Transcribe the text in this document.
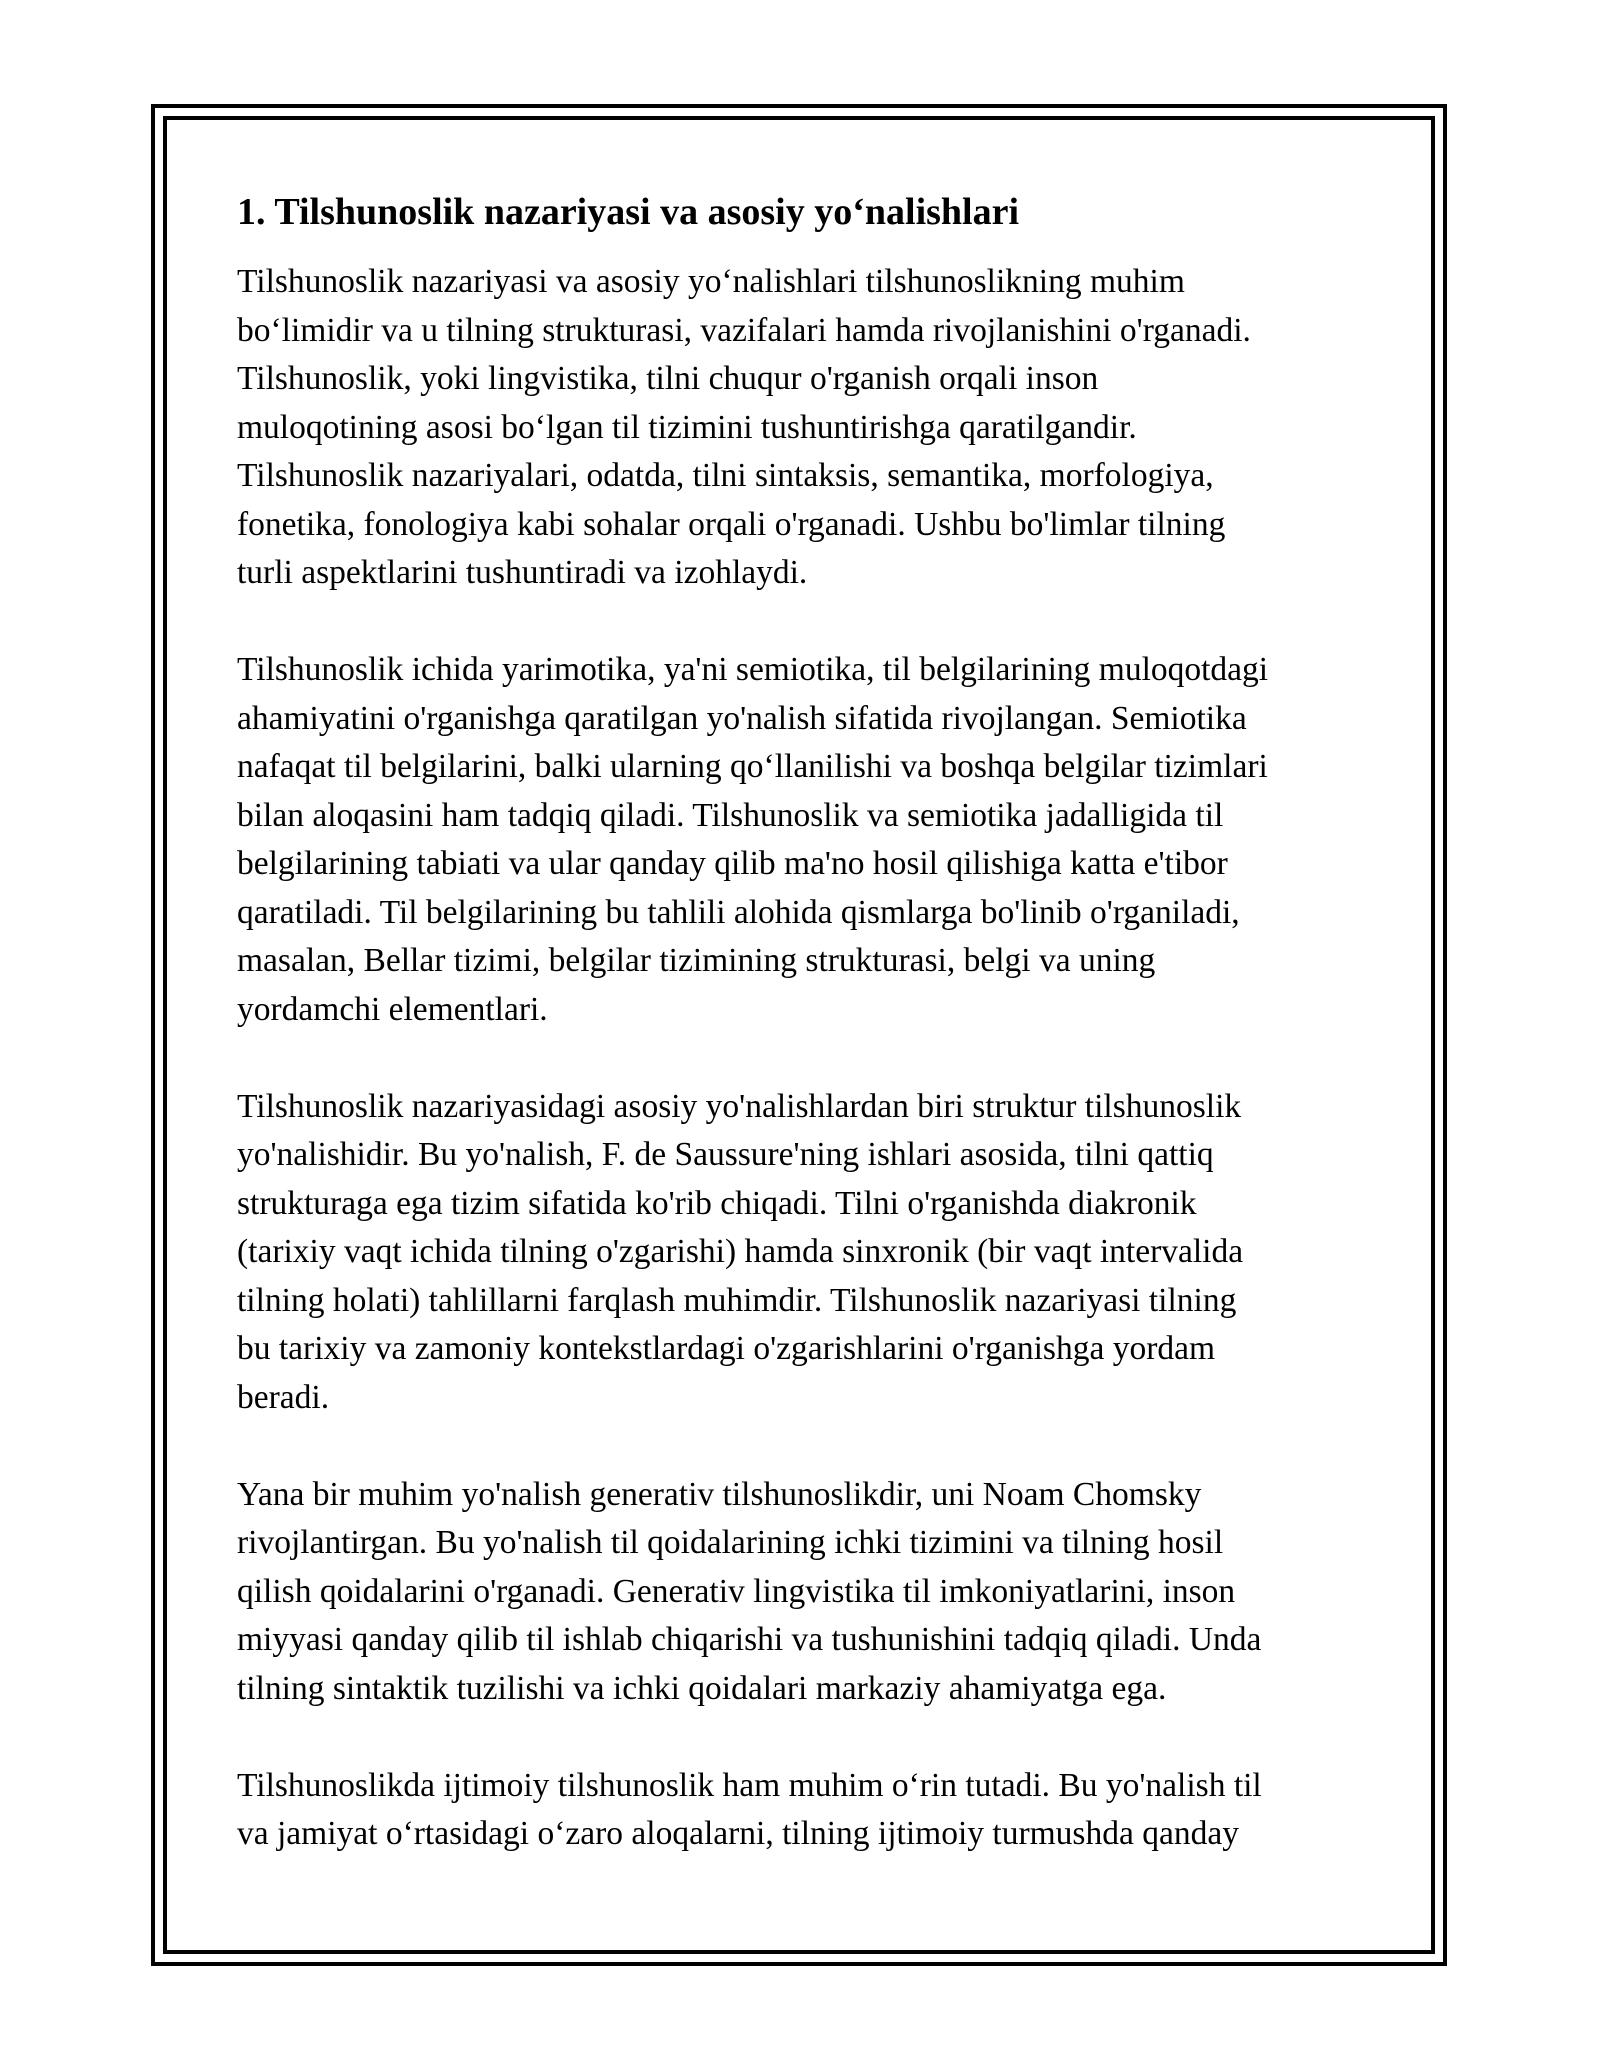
1. Tilshunoslik nazariyasi va asosiy yo‘nalishlari

Tilshunoslik nazariyasi va asosiy yo‘nalishlari tilshunoslikning muhim
bo‘limidir va u tilning strukturasi, vazifalari hamda rivojlanishini o'rganadi.
Tilshunoslik, yoki lingvistika, tilni chuqur o'rganish orqali inson
muloqotining asosi bo‘lgan til tizimini tushuntirishga qaratilgandir.
Tilshunoslik nazariyalari, odatda, tilni sintaksis, semantika, morfologiya,
fonetika, fonologiya kabi sohalar orqali o'rganadi. Ushbu bo'limlar tilning
turli aspektlarini tushuntiradi va izohlaydi.

Tilshunoslik ichida yarimotika, ya'ni semiotika, til belgilarining muloqotdagi
ahamiyatini o'rganishga qaratilgan yo'nalish sifatida rivojlangan. Semiotika
nafaqat til belgilarini, balki ularning qo‘llanilishi va boshqa belgilar tizimlari
bilan aloqasini ham tadqiq qiladi. Tilshunoslik va semiotika jadalligida til
belgilarining tabiati va ular qanday qilib ma'no hosil qilishiga katta e'tibor
qaratiladi. Til belgilarining bu tahlili alohida qismlarga bo'linib o'rganiladi,
masalan, Bellar tizimi, belgilar tizimining strukturasi, belgi va uning
yordamchi elementlari.

Tilshunoslik nazariyasidagi asosiy yo'nalishlardan biri struktur tilshunoslik
yo'nalishidir. Bu yo'nalish, F. de Saussure'ning ishlari asosida, tilni qattiq
strukturaga ega tizim sifatida ko'rib chiqadi. Tilni o'rganishda diakronik
(tarixiy vaqt ichida tilning o'zgarishi) hamda sinxronik (bir vaqt intervalida
tilning holati) tahlillarni farqlash muhimdir. Tilshunoslik nazariyasi tilning
bu tarixiy va zamoniy kontekstlardagi o'zgarishlarini o'rganishga yordam
beradi.

Yana bir muhim yo'nalish generativ tilshunoslikdir, uni Noam Chomsky
rivojlantirgan. Bu yo'nalish til qoidalarining ichki tizimini va tilning hosil
qilish qoidalarini o'rganadi. Generativ lingvistika til imkoniyatlarini, inson
miyyasi qanday qilib til ishlab chiqarishi va tushunishini tadqiq qiladi. Unda
tilning sintaktik tuzilishi va ichki qoidalari markaziy ahamiyatga ega.

Tilshunoslikda ijtimoiy tilshunoslik ham muhim o‘rin tutadi. Bu yo'nalish til
va jamiyat o‘rtasidagi o‘zaro aloqalarni, tilning ijtimoiy turmushda qanday
